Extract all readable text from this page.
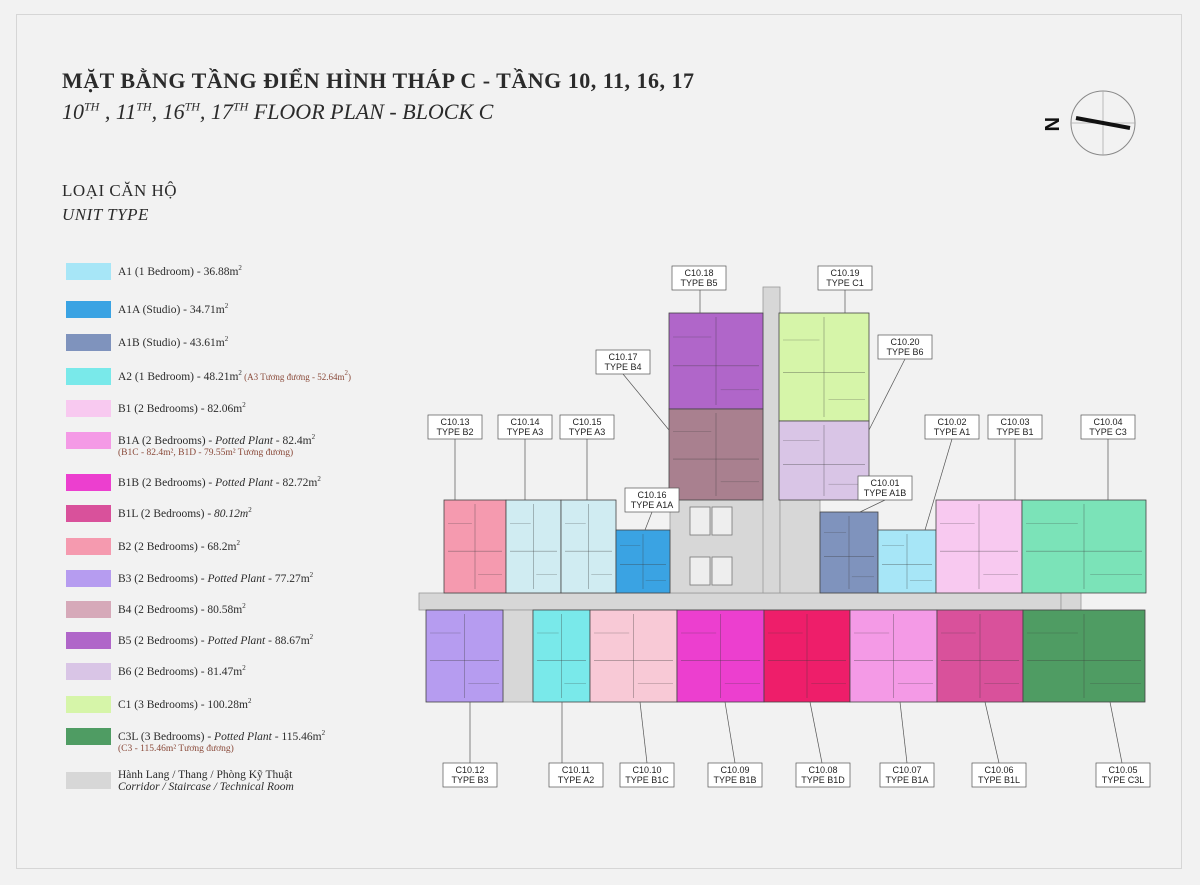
MẶT BẰNG TẦNG ĐIỂN HÌNH THÁP C - TẦNG 10, 11, 16, 17
10TH , 11TH, 16TH, 17TH FLOOR PLAN - BLOCK C
LOẠI CĂN HỘ
UNIT TYPE
A1 (1 Bedroom) - $36.88m^2$
A1A (Studio) - $34.71m^2$
A1B (Studio) - $43.61m^2$
A2 (1 Bedroom) - $48.21m^2$ (A3 Tương đương - 52.64m$^2$)
B1 (2 Bedrooms) - $82.06m^2$
B1A (2 Bedrooms) - Potted Plant - $82.4m^2$
(B1C - 82.4m², B1D - 79.55m² Tương đương)
B1B (2 Bedrooms) - Potted Plant - $82.72m^2$
B1L (2 Bedrooms) - $80.12m^2$
B2 (2 Bedrooms) - $68.2m^2$
B3 (2 Bedrooms) - Potted Plant - $77.27m^2$
B4 (2 Bedrooms) - $80.58m^2$
B5 (2 Bedrooms) - Potted Plant - $88.67m^2$
B6 (2 Bedrooms) - $81.47m^2$
C1 (3 Bedrooms) - $100.28m^2$
C3L (3 Bedrooms) - Potted Plant - $115.46m^2$
(C3 - 115.46m² Tương đương)
Hành Lang / Thang / Phòng Kỹ Thuật
Corridor / Staircase / Technical Room
N
C10.18
TYPE B5
C10.19
TYPE C1
C10.17
TYPE B4
C10.20
TYPE B6
C10.13
TYPE B2
C10.14
TYPE A3
C10.15
TYPE A3
C10.16
TYPE A1A
C10.01
TYPE A1B
C10.02
TYPE A1
C10.03
TYPE B1
C10.04
TYPE C3
C10.12
TYPE B3
C10.11
TYPE A2
C10.10
TYPE B1C
C10.09
TYPE B1B
C10.08
TYPE B1D
C10.07
TYPE B1A
C10.06
TYPE B1L
C10.05
TYPE C3L
